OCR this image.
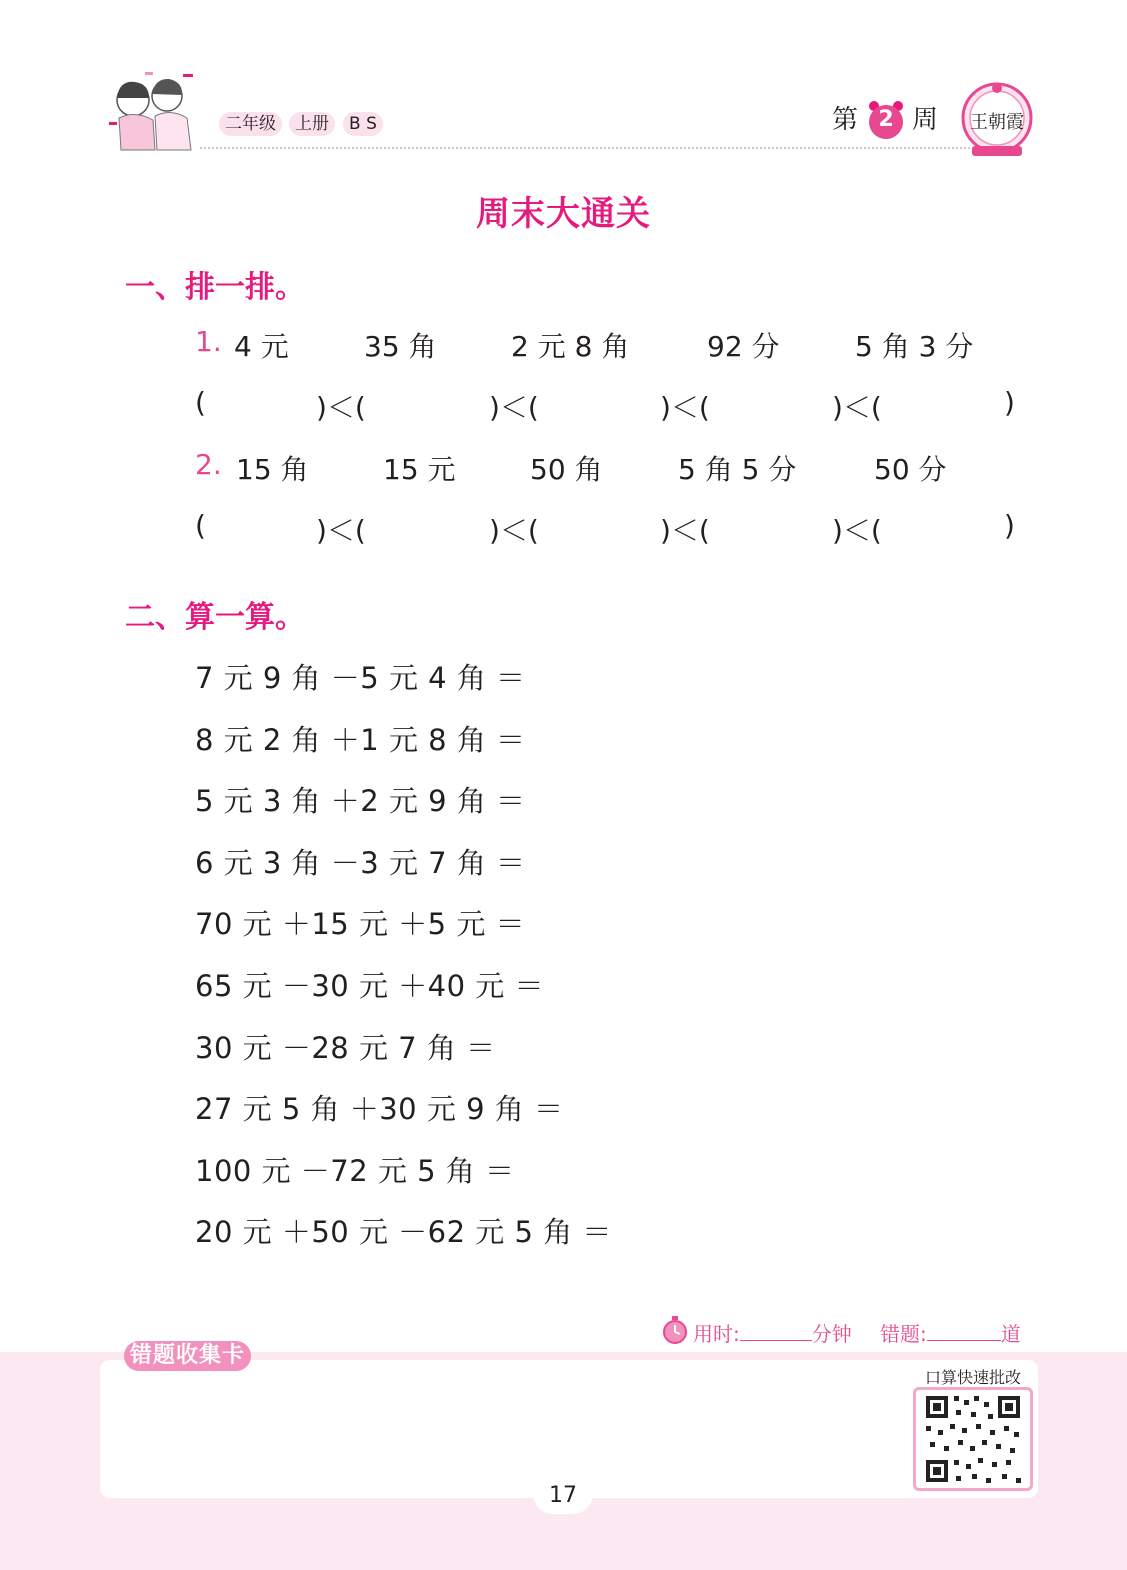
二年级	上册	B S	第 2 周	王朝霞
周末大通关
一、排一排。
1. 4 元	35 角	2 元 8 角	92 分	5 角 3 分
(	)＜(	)＜(	)＜(	)＜(	)
2. 15 角	15 元	50 角	5 角 5 分	50 分
(	)＜(	)＜(	)＜(	)＜(	)
二、算一算。
7 元 9 角 －5 元 4 角 ＝
8 元 2 角 ＋1 元 8 角 ＝
5 元 3 角 ＋2 元 9 角 ＝
6 元 3 角 －3 元 7 角 ＝
70 元 ＋15 元 ＋5 元 ＝
65 元 －30 元 ＋40 元 ＝
30 元 －28 元 7 角 ＝
27 元 5 角 ＋30 元 9 角 ＝
100 元 －72 元 5 角 ＝
20 元 ＋50 元 －62 元 5 角 ＝
用时:	分钟 错题:	道
错题收集卡
口算快速批改
17
